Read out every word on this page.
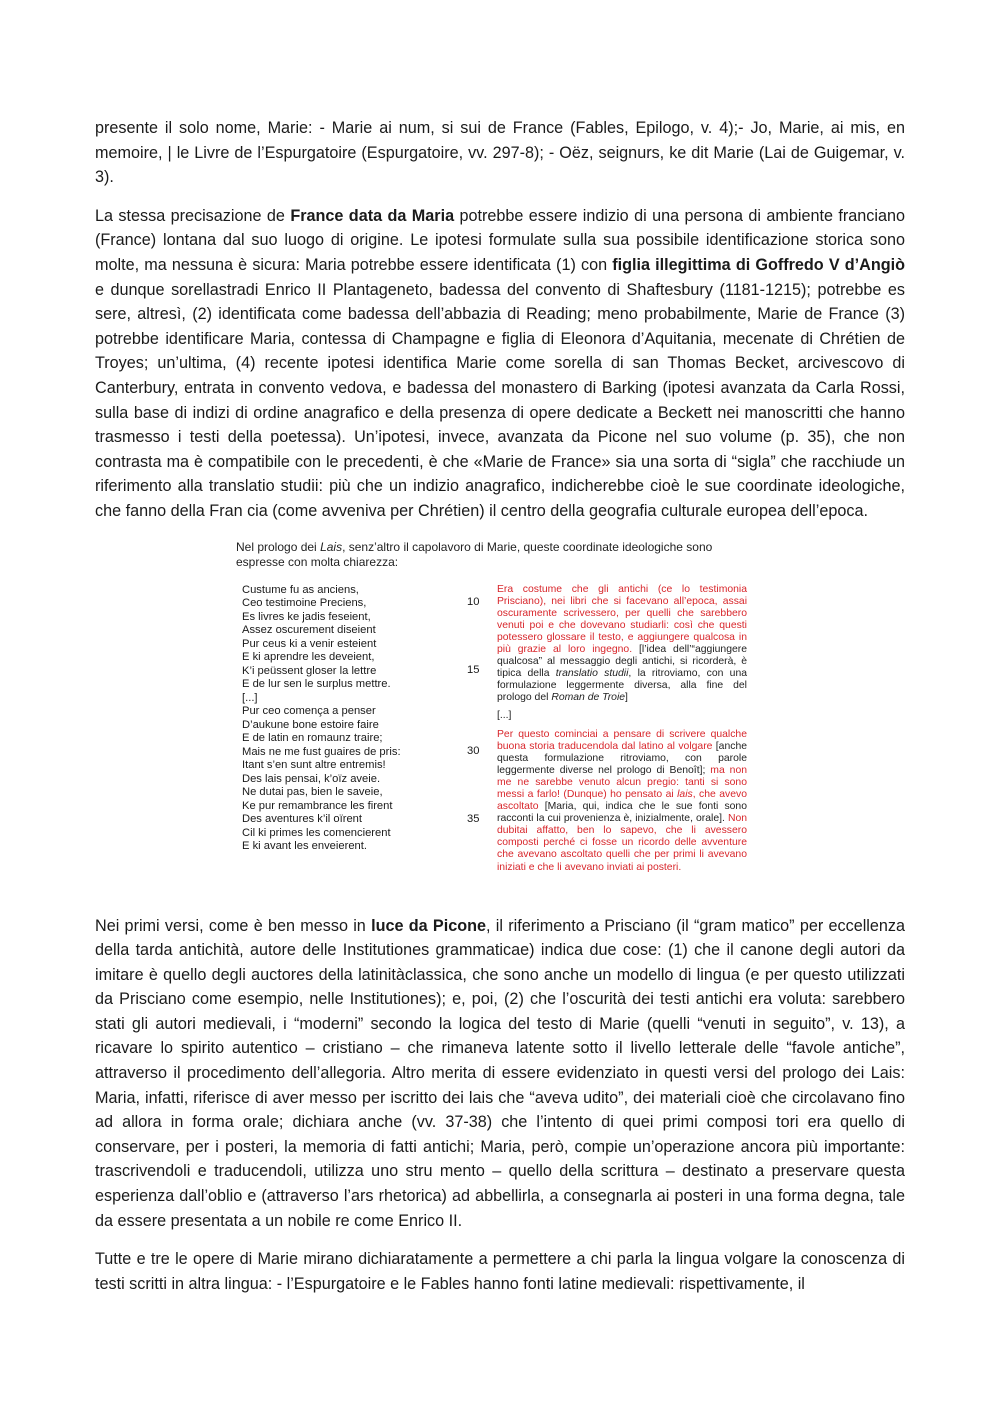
presente il solo nome, Marie: - Marie ai num, si sui de France (Fables, Epilogo, v. 4);- Jo, Marie, ai mis, en memoire, | le Livre de l’Espurgatoire (Espurgatoire, vv. 297-8); - Oëz, seignurs, ke dit Marie (Lai de Guigemar, v. 3).

La stessa precisazione de France data da Maria potrebbe essere indizio di una persona di ambiente franciano (France) lontana dal suo luogo di origine. Le ipotesi formulate sulla sua possibile identificazione storica sono molte, ma nessuna è sicura: Maria potrebbe essere identificata (1) con figlia illegittima di Goffredo V d’Angiò e dunque sorellastradi Enrico II Plantageneto, badessa del convento di Shaftesbury (1181-1215); potrebbe es sere, altresì, (2) identificata come badessa dell’abbazia di Reading; meno probabilmente, Marie de France (3) potrebbe identificare Maria, contessa di Champagne e figlia di Eleonora d’Aquitania, mecenate di Chrétien de Troyes; un’ultima, (4) recente ipotesi identifica Marie come sorella di san Thomas Becket, arcivescovo di Canterbury, entrata in convento vedova, e badessa del monastero di Barking (ipotesi avanzata da Carla Rossi, sulla base di indizi di ordine anagrafico e della presenza di opere dedicate a Beckett nei manoscritti che hanno trasmesso i testi della poetessa). Un’ipotesi, invece, avanzata da Picone nel suo volume (p. 35), che non contrasta ma è compatibile con le precedenti, è che «Marie de France» sia una sorta di “sigla” che racchiude un riferimento alla translatio studii: più che un indizio anagrafico, indicherebbe cioè le sue coordinate ideologiche, che fanno della Fran cia (come avveniva per Chrétien) il centro della geografia culturale europea dell’epoca.

Nel prologo dei Lais, senz’altro il capolavoro di Marie, queste coordinate ideologiche sono espresse con molta chiarezza:
Custume fu as anciens,
Ceo testimoine Preciens,
Es livres ke jadis feseient,
Assez oscurement diseient
Pur ceus ki a venir esteient
E ki aprendre les deveient,
K’i peüssent gloser la lettre
E de lur sen le surplus mettre.
[...]
Pur ceo comença a penser
D’aukune bone estoire faire
E de latin en romaunz traire;
Mais ne me fust guaires de pris:
Itant s’en sunt altre entremis!
Des lais pensai, k’oïz aveie.
Ne dutai pas, bien le saveie,
Ke pur remambrance les firent
Des aventures k’il oïrent
Cil ki primes les comencierent
E ki avant les enveierent.
10
15
30
35
Era costume che gli antichi (ce lo testimonia Prisciano), nei libri che si facevano all’epoca, assai oscuramente scrivessero, per quelli che sarebbero venuti poi e che dovevano studiarli: così che questi potessero glossare il testo, e aggiungere qualcosa in più grazie al loro ingegno. [l’idea dell’“aggiungere qualcosa” al messaggio degli antichi, si ricorderà, è tipica della translatio studii, la ritroviamo, con una formulazione leggermente diversa, alla fine del prologo del Roman de Troie]
[...]
Per questo cominciai a pensare di scrivere qualche buona storia traducendola dal latino al volgare [anche questa formulazione ritroviamo, con parole leggermente diverse nel prologo di Benoît]; ma non me ne sarebbe venuto alcun pregio: tanti si sono messi a farlo! (Dunque) ho pensato ai lais, che avevo ascoltato [Maria, qui, indica che le sue fonti sono racconti la cui provenienza è, inizialmente, orale]. Non dubitai affatto, ben lo sapevo, che li avessero composti perché ci fosse un ricordo delle avventure che avevano ascoltato quelli che per primi li avevano iniziati e che li avevano inviati ai posteri.

Nei primi versi, come è ben messo in luce da Picone, il riferimento a Prisciano (il “gram matico” per eccellenza della tarda antichità, autore delle Institutiones grammaticae) indica due cose: (1) che il canone degli autori da imitare è quello degli auctores della latinitàclassica, che sono anche un modello di lingua (e per questo utilizzati da Prisciano come esempio, nelle Institutiones); e, poi, (2) che l’oscurità dei testi antichi era voluta: sarebbero stati gli autori medievali, i “moderni” secondo la logica del testo di Marie (quelli “venuti in seguito”, v. 13), a ricavare lo spirito autentico – cristiano – che rimaneva latente sotto il livello letterale delle “favole antiche”, attraverso il procedimento dell’allegoria. Altro merita di essere evidenziato in questi versi del prologo dei Lais: Maria, infatti, riferisce di aver messo per iscritto dei lais che “aveva udito”, dei materiali cioè che circolavano fino ad allora in forma orale; dichiara anche (vv. 37-38) che l’intento di quei primi composi tori era quello di conservare, per i posteri, la memoria di fatti antichi; Maria, però, compie un’operazione ancora più importante: trascrivendoli e traducendoli, utilizza uno stru mento – quello della scrittura – destinato a preservare questa esperienza dall’oblio e (attraverso l’ars rhetorica) ad abbellirla, a consegnarla ai posteri in una forma degna, tale da essere presentata a un nobile re come Enrico II.

Tutte e tre le opere di Marie mirano dichiaratamente a permettere a chi parla la lingua volgare la conoscenza di testi scritti in altra lingua: - l’Espurgatoire e le Fables hanno fonti latine medievali: rispettivamente, il
